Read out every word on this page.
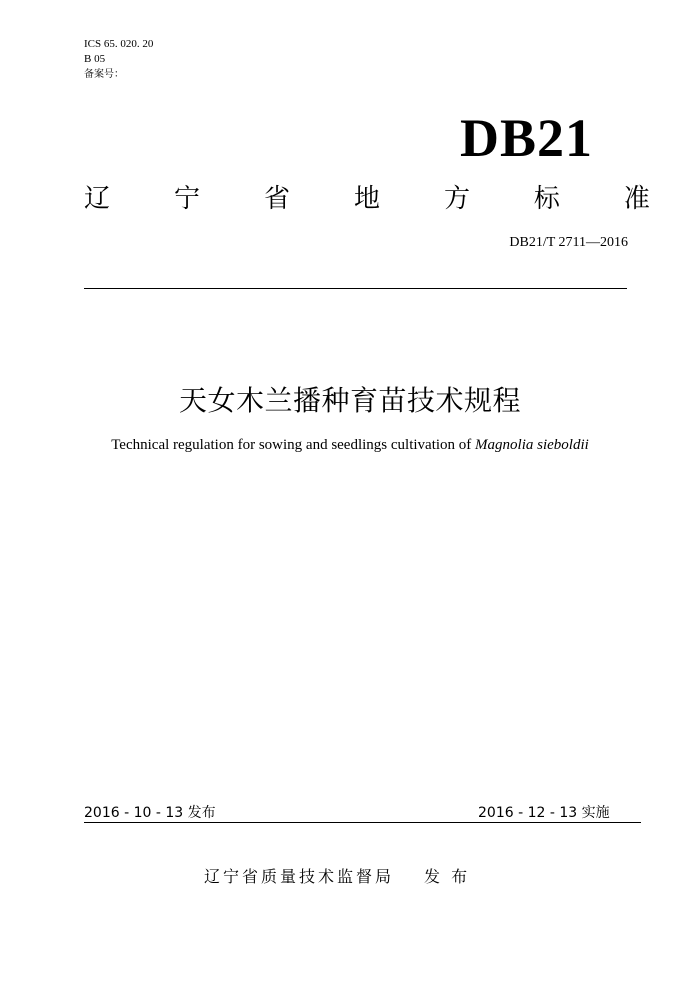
ICS 65. 020. 20
B 05
备案号：
DB21
辽 宁 省 地 方 标 准
DB21/T 2711—2016
天女木兰播种育苗技术规程
Technical regulation for sowing and seedlings cultivation of Magnolia sieboldii
2016 - 10 - 13 发布	2016 - 12 - 13 实施
辽宁省质量技术监督局 发 布
